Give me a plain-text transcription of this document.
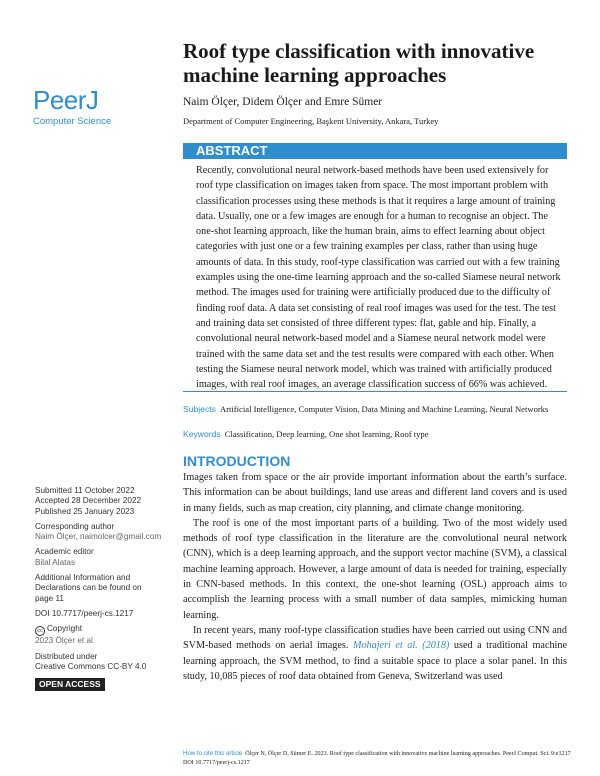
PeerJ
Computer Science
Roof type classification with innovative machine learning approaches
Naim Ölçer, Didem Ölçer and Emre Sümer
Department of Computer Engineering, Başkent University, Ankara, Turkey
ABSTRACT

Recently, convolutional neural network-based methods have been used extensively for roof type classification on images taken from space. The most important problem with classification processes using these methods is that it requires a large amount of training data. Usually, one or a few images are enough for a human to recognise an object. The one-shot learning approach, like the human brain, aims to effect learning about object categories with just one or a few training examples per class, rather than using huge amounts of data. In this study, roof-type classification was carried out with a few training examples using the one-time learning approach and the so-called Siamese neural network method. The images used for training were artificially produced due to the difficulty of finding roof data. A data set consisting of real roof images was used for the test. The test and training data set consisted of three different types: flat, gable and hip. Finally, a convolutional neural network-based model and a Siamese neural network model were trained with the same data set and the test results were compared with each other. When testing the Siamese neural network model, which was trained with artificially produced images, with real roof images, an average classification success of 66% was achieved.

Subjects Artificial Intelligence, Computer Vision, Data Mining and Machine Learning, Neural Networks
Keywords Classification, Deep learning, One shot learning, Roof type
INTRODUCTION

Images taken from space or the air provide important information about the earth’s surface. This information can be about buildings, land use areas and different land covers and is used in many fields, such as map creation, city planning, and climate change monitoring.

The roof is one of the most important parts of a building. Two of the most widely used methods of roof type classification in the literature are the convolutional neural network (CNN), which is a deep learning approach, and the support vector machine (SVM), a classical machine learning approach. However, a large amount of data is needed for training, especially in CNN-based methods. In this context, the one-shot learning (OSL) approach aims to accomplish the learning process with a small number of data samples, mimicking human learning.

In recent years, many roof-type classification studies have been carried out using CNN and SVM-based methods on aerial images. Mohajeri et al. (2018) used a traditional machine learning approach, the SVM method, to find a suitable space to place a solar panel. In this study, 10,085 pieces of roof data obtained from Geneva, Switzerland was used

Submitted 11 October 2022
Accepted 28 December 2022
Published 25 January 2023
Corresponding author
Naim Ölçer, naimolcer@gmail.com
Academic editor
Bilal Alatas
Additional Information and
Declarations can be found on
page 11
DOI 10.7717/peerj-cs.1217
cc Copyright
2023 Ölçer et al.
Distributed under
Creative Commons CC-BY 4.0
OPEN ACCESS
How to cite this article Ölçer N, Ölçer D, Sümer E. 2023. Roof type classification with innovative machine learning approaches. PeerJ Comput. Sci. 9:e1217 DOI 10.7717/peerj-cs.1217
